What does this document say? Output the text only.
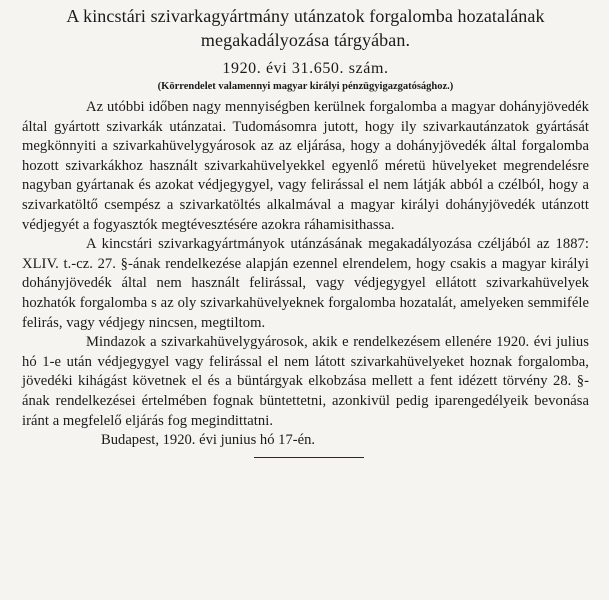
A kincstári szivarkagyártmány utánzatok forgalomba hozatalának megakadályozása tárgyában.
1920. évi 31.650. szám.
(Körrendelet valamennyi magyar királyi pénzügyigazgatósághoz.)

Az utóbbi időben nagy mennyiségben kerülnek forgalomba a magyar dohányjövedék által gyártott szivarkák utánzatai. Tudomásomra jutott, hogy ily szivarkautánzatok gyártását megkönnyiti a szivarkahüvelygyárosok az az eljárása, hogy a dohányjövedék által forgalomba hozott szivarkákhoz használt szivarkahüvelyekkel egyenlő méretü hüvelyeket megrendelésre nagyban gyártanak és azokat védjegygyel, vagy felirással el nem látják abból a czélból, hogy a szivarkatöltő csempész a szivarkatöltés alkalmával a magyar királyi dohányjövedék utánzott védjegyét a fogyasztók megtévesztésére azokra ráhamisithassa.

A kincstári szivarkagyártmányok utánzásának megakadályozása czéljából az 1887: XLIV. t.-cz. 27. §-ának rendelkezése alapján ezennel elrendelem, hogy csakis a magyar királyi dohányjövedék által nem használt felirással, vagy védjegygyel ellátott szivarkahüvelyek hozhatók forgalomba s az oly szivarkahüvelyeknek forgalomba hozatalát, amelyeken semmiféle felirás, vagy védjegy nincsen, megtiltom.

Mindazok a szivarkahüvelygyárosok, akik e rendelkezésem ellenére 1920. évi julius hó 1-e után védjegygyel vagy felirással el nem látott szivarkahüvelyeket hoznak forgalomba, jövedéki kihágást követnek el és a büntárgyak elkobzása mellett a fent idézett törvény 28. §-ának rendelkezései értelmében fognak büntettetni, azonkivül pedig iparengedélyeik bevonása iránt a megfelelő eljárás fog megindittatni.

Budapest, 1920. évi junius hó 17-én.
